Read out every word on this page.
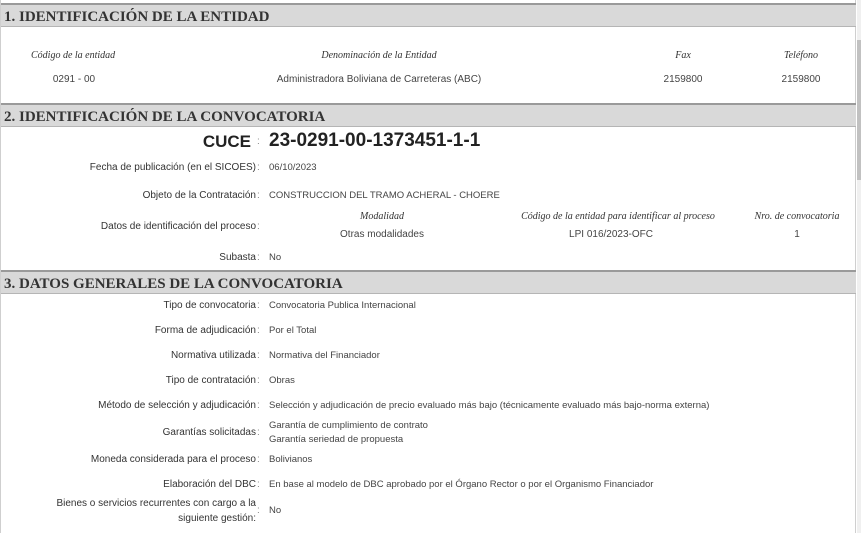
1. IDENTIFICACIÓN DE LA ENTIDAD
Código de la entidad	Denominación de la Entidad	Fax	Teléfono
0291 - 00	Administradora Boliviana de Carreteras (ABC)	2159800	2159800
2. IDENTIFICACIÓN DE LA CONVOCATORIA
CUCE : 23-0291-00-1373451-1-1
Fecha de publicación (en el SICOES) : 06/10/2023
Objeto de la Contratación : CONSTRUCCION DEL TRAMO ACHERAL - CHOERE
Datos de identificación del proceso :
Modalidad	Código de la entidad para identificar al proceso	Nro. de convocatoria
Otras modalidades	LPI 016/2023-OFC	1
Subasta : No
3. DATOS GENERALES DE LA CONVOCATORIA
Tipo de convocatoria : Convocatoria Publica Internacional
Forma de adjudicación : Por el Total
Normativa utilizada : Normativa del Financiador
Tipo de contratación : Obras
Método de selección y adjudicación : Selección y adjudicación de precio evaluado más bajo (técnicamente evaluado más bajo-norma externa)
Garantías solicitadas :
Garantía de cumplimiento de contrato
Garantía seriedad de propuesta
Moneda considerada para el proceso : Bolivianos
Elaboración del DBC : En base al modelo de DBC aprobado por el Órgano Rector o por el Organismo Financiador
Bienes o servicios recurrentes con cargo a la
siguiente gestión:
: No
